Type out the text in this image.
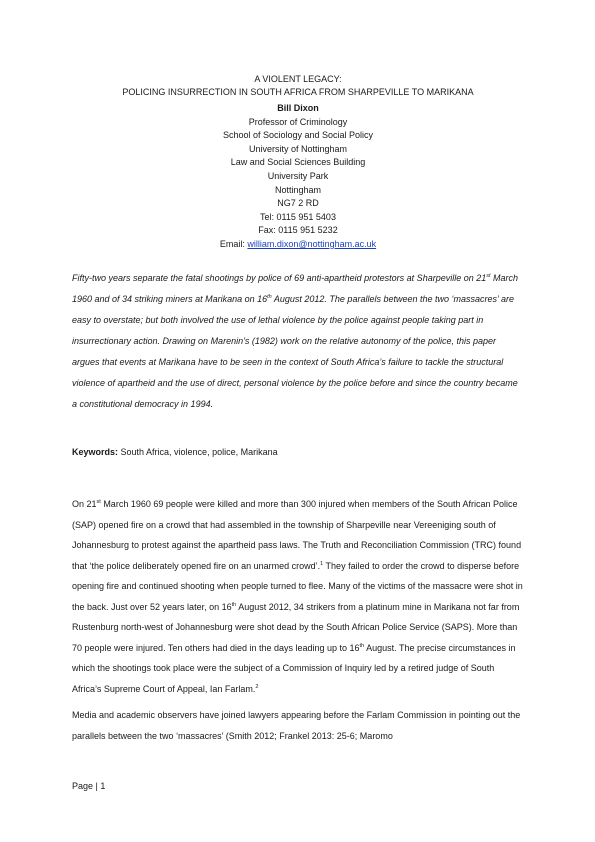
A VIOLENT LEGACY:
POLICING INSURRECTION IN SOUTH AFRICA FROM SHARPEVILLE TO MARIKANA
Bill Dixon
Professor of Criminology
School of Sociology and Social Policy
University of Nottingham
Law and Social Sciences Building
University Park
Nottingham
NG7 2 RD
Tel: 0115 951 5403
Fax: 0115 951 5232
Email: william.dixon@nottingham.ac.uk
Fifty-two years separate the fatal shootings by police of 69 anti-apartheid protestors at Sharpeville on 21st March 1960 and of 34 striking miners at Marikana on 16th August 2012. The parallels between the two ‘massacres’ are easy to overstate; but both involved the use of lethal violence by the police against people taking part in insurrectionary action. Drawing on Marenin’s (1982) work on the relative autonomy of the police, this paper argues that events at Marikana have to be seen in the context of South Africa’s failure to tackle the structural violence of apartheid and the use of direct, personal violence by the police before and since the country became a constitutional democracy in 1994.
Keywords: South Africa, violence, police, Marikana

On 21st March 1960 69 people were killed and more than 300 injured when members of the South African Police (SAP) opened fire on a crowd that had assembled in the township of Sharpeville near Vereeniging south of Johannesburg to protest against the apartheid pass laws. The Truth and Reconciliation Commission (TRC) found that ‘the police deliberately opened fire on an unarmed crowd’.$^1$ They failed to order the crowd to disperse before opening fire and continued shooting when people turned to flee. Many of the victims of the massacre were shot in the back. Just over 52 years later, on 16th August 2012, 34 strikers from a platinum mine in Marikana not far from Rustenburg north-west of Johannesburg were shot dead by the South African Police Service (SAPS). More than 70 people were injured. Ten others had died in the days leading up to 16th August. The precise circumstances in which the shootings took place were the subject of a Commission of Inquiry led by a retired judge of South Africa’s Supreme Court of Appeal, Ian Farlam.$^2$

Media and academic observers have joined lawyers appearing before the Farlam Commission in pointing out the parallels between the two ‘massacres’ (Smith 2012; Frankel 2013: 25-6; Maromo

Page | 1
